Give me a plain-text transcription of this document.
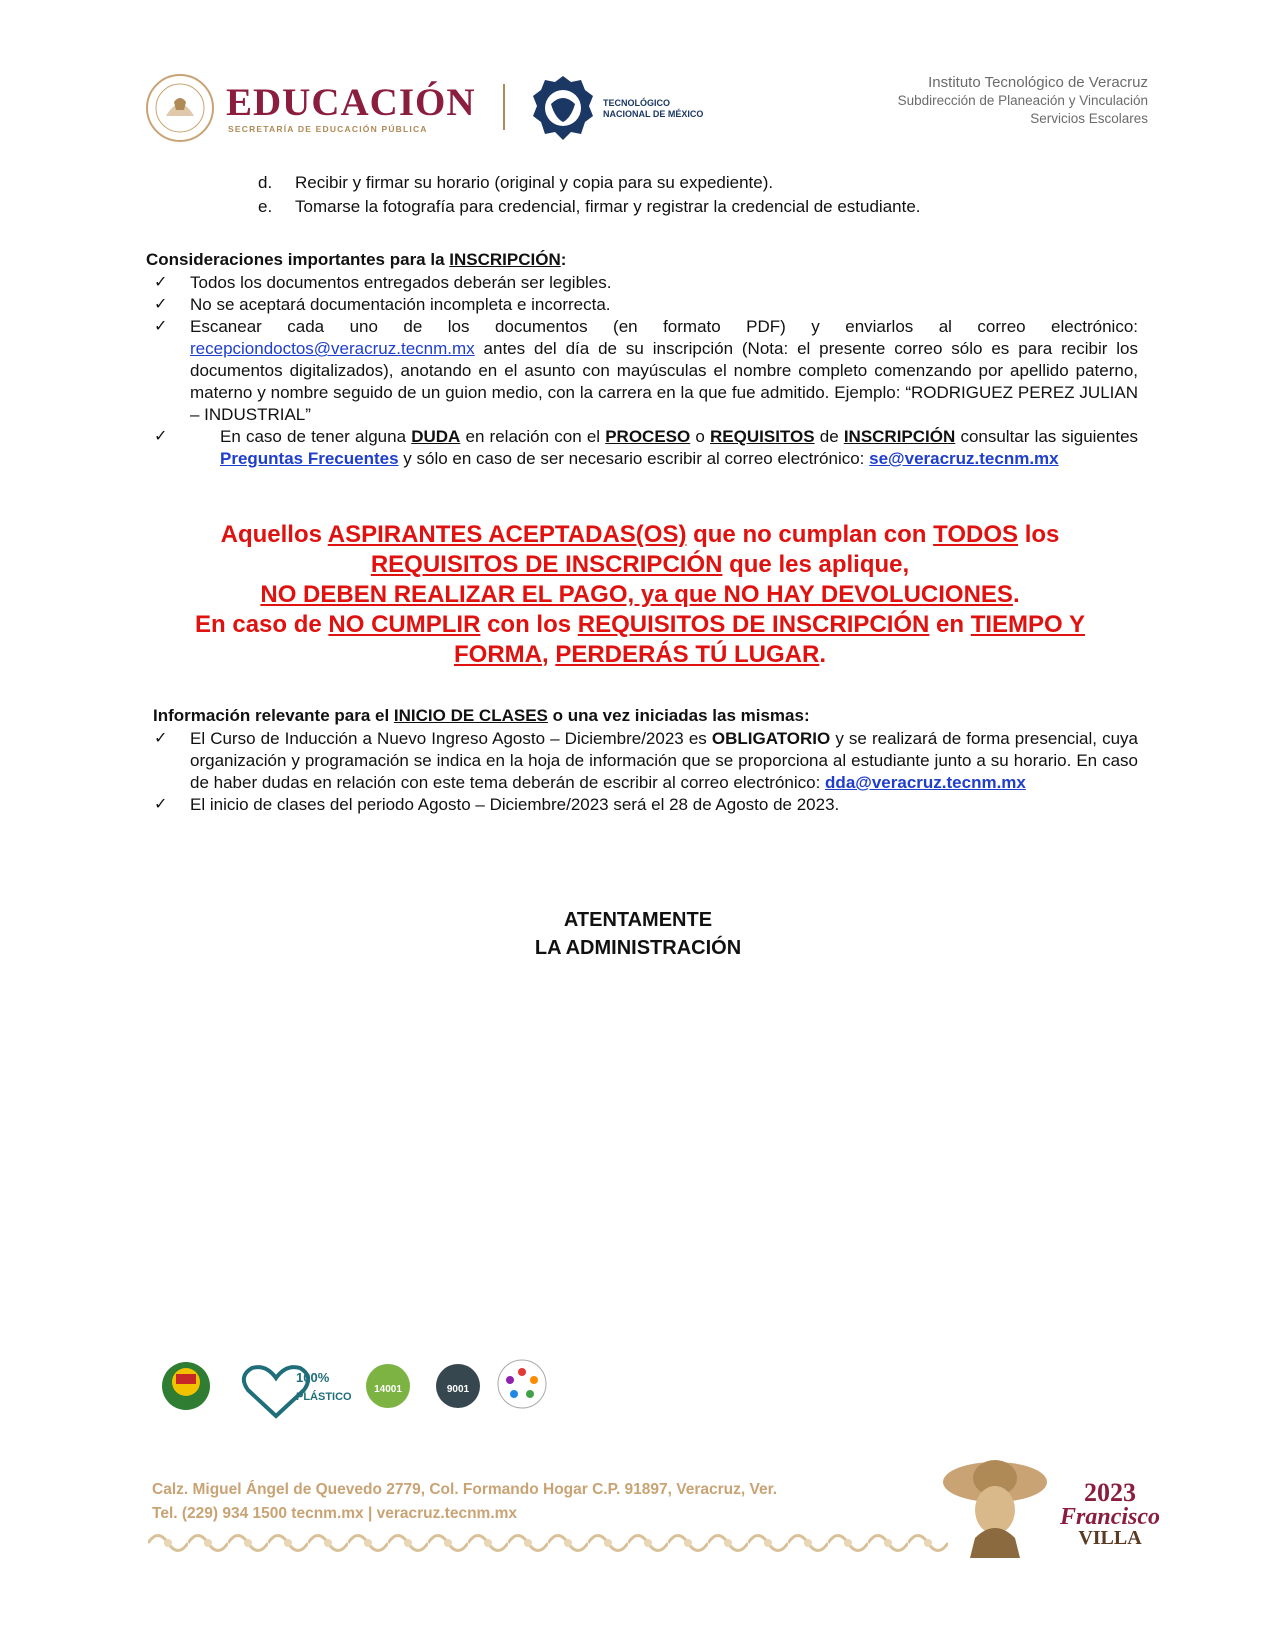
EDUCACIÓN
SECRETARÍA DE EDUCACIÓN PÚBLICA
TECNOLÓGICO
NACIONAL DE MÉXICO
Instituto Tecnológico de Veracruz
Subdirección de Planeación y Vinculación
Servicios Escolares
d. Recibir y firmar su horario (original y copia para su expediente).
e. Tomarse la fotografía para credencial, firmar y registrar la credencial de estudiante.
Consideraciones importantes para la INSCRIPCIÓN:
✓ Todos los documentos entregados deberán ser legibles.
✓ No se aceptará documentación incompleta e incorrecta.
✓ Escanear cada uno de los documentos (en formato PDF) y enviarlos al correo electrónico:
recepciondoctos@veracruz.tecnm.mx antes del día de su inscripción (Nota: el presente correo sólo es para recibir los documentos digitalizados), anotando en el asunto con mayúsculas el nombre completo comenzando por apellido paterno, materno y nombre seguido de un guion medio, con la carrera en la que fue admitido. Ejemplo: “RODRIGUEZ PEREZ JULIAN – INDUSTRIAL”
✓	En caso de tener alguna DUDA en relación con el PROCESO o REQUISITOS de INSCRIPCIÓN consultar las siguientes Preguntas Frecuentes y sólo en caso de ser necesario escribir al correo electrónico: se@veracruz.tecnm.mx
Aquellos ASPIRANTES ACEPTADAS(OS) que no cumplan con TODOS los
REQUISITOS DE INSCRIPCIÓN que les aplique,
NO DEBEN REALIZAR EL PAGO, ya que NO HAY DEVOLUCIONES.
En caso de NO CUMPLIR con los REQUISITOS DE INSCRIPCIÓN en TIEMPO Y FORMA, PERDERÁS TÚ LUGAR.
Información relevante para el INICIO DE CLASES o una vez iniciadas las mismas:
✓ El Curso de Inducción a Nuevo Ingreso Agosto – Diciembre/2023 es OBLIGATORIO y se realizará de forma presencial, cuya organización y programación se indica en la hoja de información que se proporciona al estudiante junto a su horario. En caso de haber dudas en relación con este tema deberán de escribir al correo electrónico: dda@veracruz.tecnm.mx
✓ El inicio de clases del periodo Agosto – Diciembre/2023 será el 28 de Agosto de 2023.
ATENTAMENTE
LA ADMINISTRACIÓN
100%
PLÁSTICO
14001	9001
Calz. Miguel Ángel de Quevedo 2779, Col. Formando Hogar C.P. 91897, Veracruz, Ver.
Tel. (229) 934 1500 tecnm.mx | veracruz.tecnm.mx
2023
Francisco
VILLA
